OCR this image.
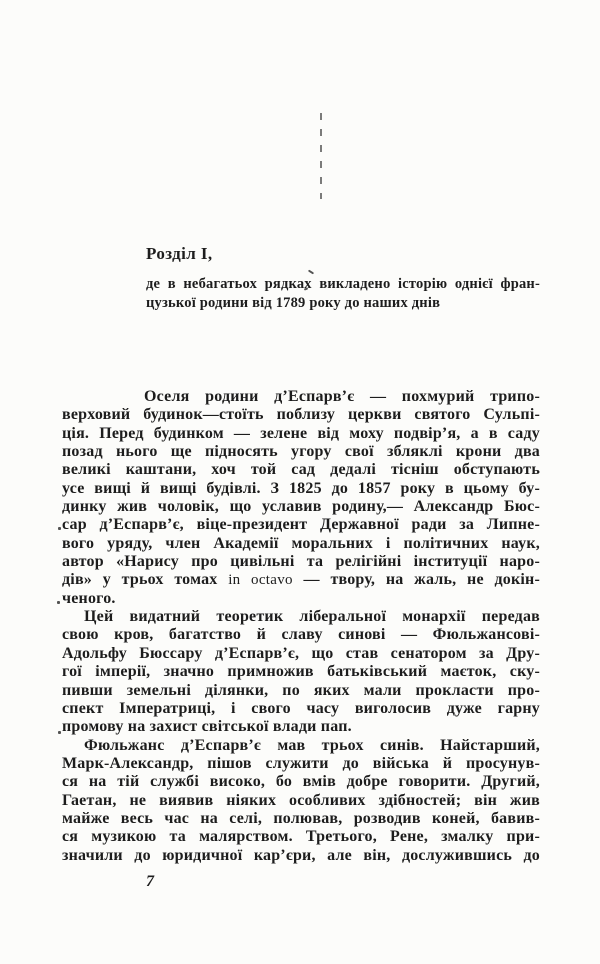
Розділ I,
де в небагатьох рядках викладено історію однієї фран-
цузької родини від 1789 року до наших днів
Оселя родини д’Еспарв’є — похмурий трипо-
верховий будинок—стоїть поблизу церкви святого Сульпі-
ція. Перед будинком — зелене від моху подвір’я, а в саду
позад нього ще підносять угору свої збляклі крони два
великі каштани, хоч той сад дедалі тісніш обступають
усе вищі й вищі будівлі. З 1825 до 1857 року в цьому бу-
динку жив чоловік, що уславив родину,— Александр Бюс-
сар д’Еспарв’є, віце-президент Державної ради за Липне-
вого уряду, член Академії моральних і політичних наук,
автор «Нарису про цивільні та релігійні інституції наро-
дів» у трьох томах in octavo — твору, на жаль, не докін-
ченого.
Цей видатний теоретик ліберальної монархії передав
свою кров, багатство й славу синові — Фюльжансові-
Адольфу Бюссару д’Еспарв’є, що став сенатором за Дру-
гої імперії, значно примножив батьківський маєток, ску-
пивши земельні ділянки, по яких мали прокласти про-
спект Імператриці, і свого часу виголосив дуже гарну
промову на захист світської влади пап.
Фюльжанс д’Еспарв’є мав трьох синів. Найстарший,
Марк-Александр, пішов служити до війська й просунув-
ся на тій службі високо, бо вмів добре говорити. Другий,
Гаетан, не виявив ніяких особливих здібностей; він жив
майже весь час на селі, полював, розводив коней, бавив-
ся музикою та малярством. Третього, Рене, змалку при-
значили до юридичної кар’єри, але він, дослужившись до
7
